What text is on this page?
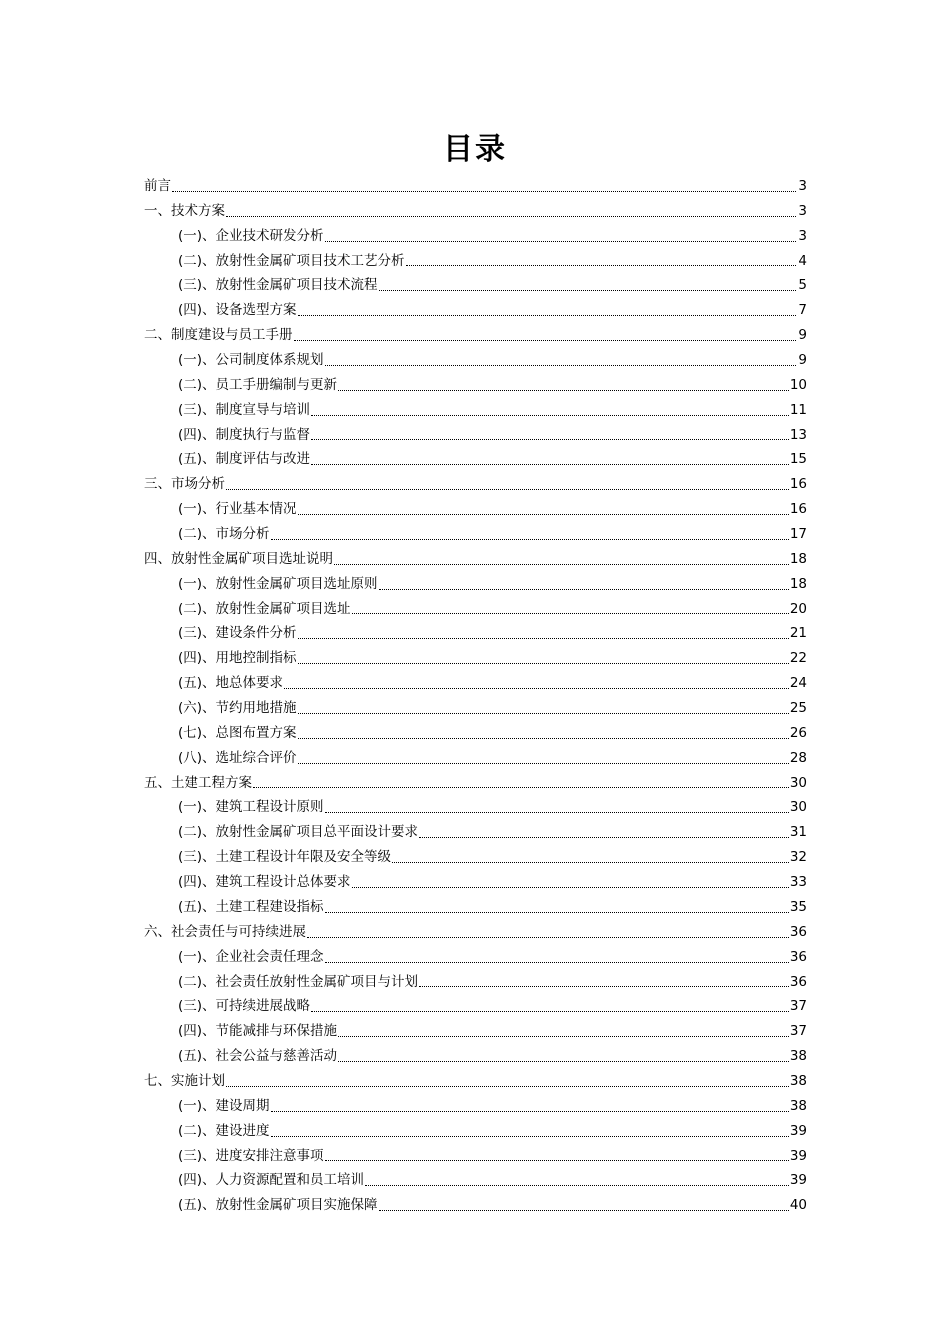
目录
前言	3
一、技术方案	3
(一)、企业技术研发分析	3
(二)、放射性金属矿项目技术工艺分析	4
(三)、放射性金属矿项目技术流程	5
(四)、设备选型方案	7
二、制度建设与员工手册	9
(一)、公司制度体系规划	9
(二)、员工手册编制与更新	10
(三)、制度宣导与培训	11
(四)、制度执行与监督	13
(五)、制度评估与改进	15
三、市场分析	16
(一)、行业基本情况	16
(二)、市场分析	17
四、放射性金属矿项目选址说明	18
(一)、放射性金属矿项目选址原则	18
(二)、放射性金属矿项目选址	20
(三)、建设条件分析	21
(四)、用地控制指标	22
(五)、地总体要求	24
(六)、节约用地措施	25
(七)、总图布置方案	26
(八)、选址综合评价	28
五、土建工程方案	30
(一)、建筑工程设计原则	30
(二)、放射性金属矿项目总平面设计要求	31
(三)、土建工程设计年限及安全等级	32
(四)、建筑工程设计总体要求	33
(五)、土建工程建设指标	35
六、社会责任与可持续进展	36
(一)、企业社会责任理念	36
(二)、社会责任放射性金属矿项目与计划	36
(三)、可持续进展战略	37
(四)、节能减排与环保措施	37
(五)、社会公益与慈善活动	38
七、实施计划	38
(一)、建设周期	38
(二)、建设进度	39
(三)、进度安排注意事项	39
(四)、人力资源配置和员工培训	39
(五)、放射性金属矿项目实施保障	40
